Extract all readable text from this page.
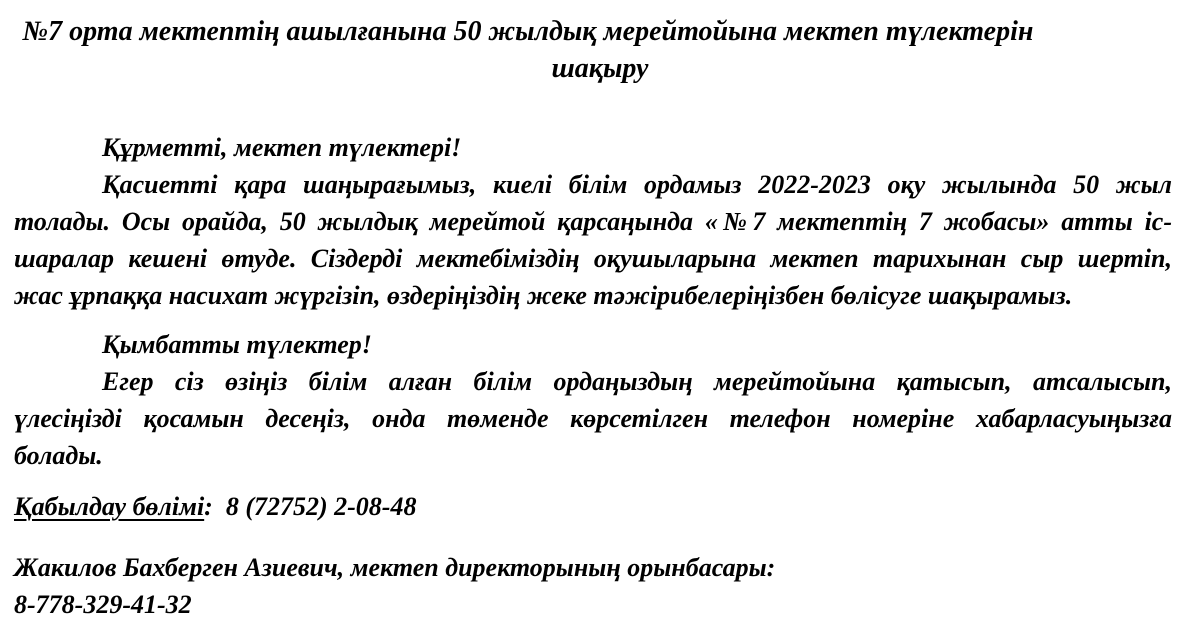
№7 орта мектептің ашылғанына 50 жылдық мерейтойына мектеп түлектерін
шақыру
Құрметті, мектеп түлектері!
Қасиетті қара шаңырағымыз, киелі білім ордамыз 2022-2023 оқу жылында 50 жыл
толады. Осы орайда, 50 жылдық мерейтой қарсаңында «№7 мектептің 7 жобасы» атты іс-
шаралар кешені өтуде. Сіздерді мектебіміздің оқушыларына мектеп тарихынан сыр шертіп,
жас ұрпаққа насихат жүргізіп, өздеріңіздің жеке тәжірибелеріңізбен бөлісуге шақырамыз.
Қымбатты түлектер!
Егер сіз өзіңіз білім алған білім ордаңыздың мерейтойына қатысып, атсалысып,
үлесіңізді қосамын десеңіз, онда төменде көрсетілген телефон номеріне хабарласуыңызға
болады.
Қабылдау бөлімі:  8 (72752) 2-08-48
Жакилов Бахберген Азиевич, мектеп директорының орынбасары:
8-778-329-41-32
